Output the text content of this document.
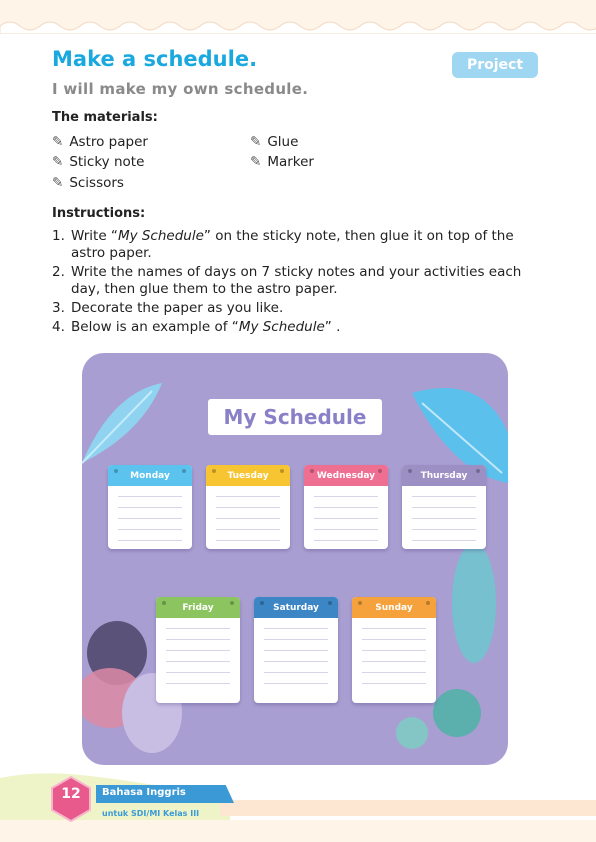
Make a schedule.
I will make my own schedule.
Project
The materials:
✎ Astro paper
✎ Sticky note
✎ Scissors
✎ Glue
✎ Marker
Instructions:
1. Write “My Schedule” on the sticky note, then glue it on top of the astro paper.
2. Write the names of days on 7 sticky notes and your activities each day, then glue them to the astro paper.
3. Decorate the paper as you like.
4. Below is an example of “My Schedule” .
My Schedule
Monday	Tuesday	Wednesday	Thursday
Friday	Saturday	Sunday
12	Bahasa Inggris
untuk SDI/MI Kelas III
